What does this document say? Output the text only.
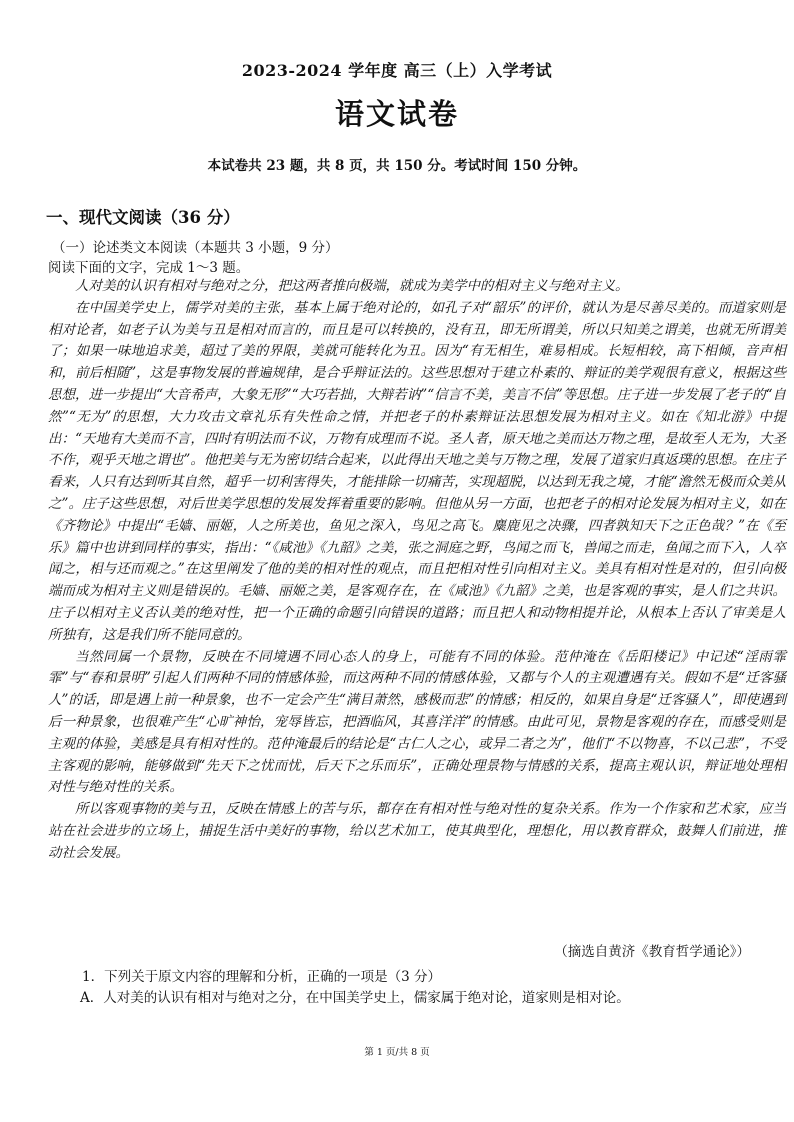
2023-2024 学年度 高三（上）入学考试
语文试卷
本试卷共 23 题，共 8 页，共 150 分。考试时间 150 分钟。
一、现代文阅读（36 分）
（一）论述类文本阅读（本题共 3 小题，9 分）
阅读下面的文字，完成 1～3 题。

人对美的认识有相对与绝对之分，把这两者推向极端，就成为美学中的相对主义与绝对主义。

在中国美学史上，儒学对美的主张，基本上属于绝对论的，如孔子对“韶乐”的评价，就认为是尽善尽美的。而道家则是相对论者，如老子认为美与丑是相对而言的，而且是可以转换的，没有丑，即无所谓美，所以只知美之谓美，也就无所谓美了；如果一味地追求美，超过了美的界限，美就可能转化为丑。因为“有无相生，难易相成。长短相较，高下相倾，音声相和，前后相随”，这是事物发展的普遍规律，是合乎辩证法的。这些思想对于建立朴素的、辩证的美学观很有意义，根据这些思想，进一步提出“大音希声，大象无形”“大巧若拙，大辩若讷”“信言不美，美言不信”等思想。庄子进一步发展了老子的“自然”“无为”的思想，大力攻击文章礼乐有失性命之情，并把老子的朴素辩证法思想发展为相对主义。如在《知北游》中提出：“天地有大美而不言，四时有明法而不议，万物有成理而不说。圣人者，原天地之美而达万物之理，是故至人无为，大圣不作，观乎天地之谓也”。他把美与无为密切结合起来，以此得出天地之美与万物之理，发展了道家归真返璞的思想。在庄子看来，人只有达到听其自然，超乎一切利害得失，才能排除一切痛苦，实现超脱，以达到无我之境，才能“澹然无极而众美从之”。庄子这些思想，对后世美学思想的发展发挥着重要的影响。但他从另一方面，也把老子的相对论发展为相对主义，如在《齐物论》中提出“毛嫱、丽姬，人之所美也，鱼见之深入，鸟见之高飞。麋鹿见之决骤，四者孰知天下之正色哉？”在《至乐》篇中也讲到同样的事实，指出：“《咸池》《九韶》之美，张之洞庭之野，鸟闻之而飞，兽闻之而走，鱼闻之而下入，人卒闻之，相与还而观之。”在这里阐发了他的美的相对性的观点，而且把相对性引向相对主义。美具有相对性是对的，但引向极端而成为相对主义则是错误的。毛嫱、丽姬之美，是客观存在，在《咸池》《九韶》之美，也是客观的事实，是人们之共识。庄子以相对主义否认美的绝对性，把一个正确的命题引向错误的道路；而且把人和动物相提并论，从根本上否认了审美是人所独有，这是我们所不能同意的。

当然同属一个景物，反映在不同境遇不同心态人的身上，可能有不同的体验。范仲淹在《岳阳楼记》中记述“淫雨霏霏”与“春和景明”引起人们两种不同的情感体验，而这两种不同的情感体验，又都与个人的主观遭遇有关。假如不是“迁客骚人”的话，即是遇上前一种景象，也不一定会产生“满目萧然，感极而悲”的情感；相反的，如果自身是“迁客骚人”，即使遇到后一种景象，也很难产生“心旷神怡，宠辱皆忘，把酒临风，其喜洋洋”的情感。由此可见，景物是客观的存在，而感受则是主观的体验，美感是具有相对性的。范仲淹最后的结论是“古仁人之心，或异二者之为”，他们“不以物喜，不以己悲”，不受主客观的影响，能够做到“先天下之忧而忧，后天下之乐而乐”，正确处理景物与情感的关系，提高主观认识，辩证地处理相对性与绝对性的关系。

所以客观事物的美与丑，反映在情感上的苦与乐，都存在有相对性与绝对性的复杂关系。作为一个作家和艺术家，应当站在社会进步的立场上，捕捉生活中美好的事物，给以艺术加工，使其典型化，理想化，用以教育群众，鼓舞人们前进，推动社会发展。

（摘选自黄济《教育哲学通论》）
1．下列关于原文内容的理解和分析，正确的一项是（3 分）
A．人对美的认识有相对与绝对之分，在中国美学史上，儒家属于绝对论，道家则是相对论。
第 1 页/共 8 页
